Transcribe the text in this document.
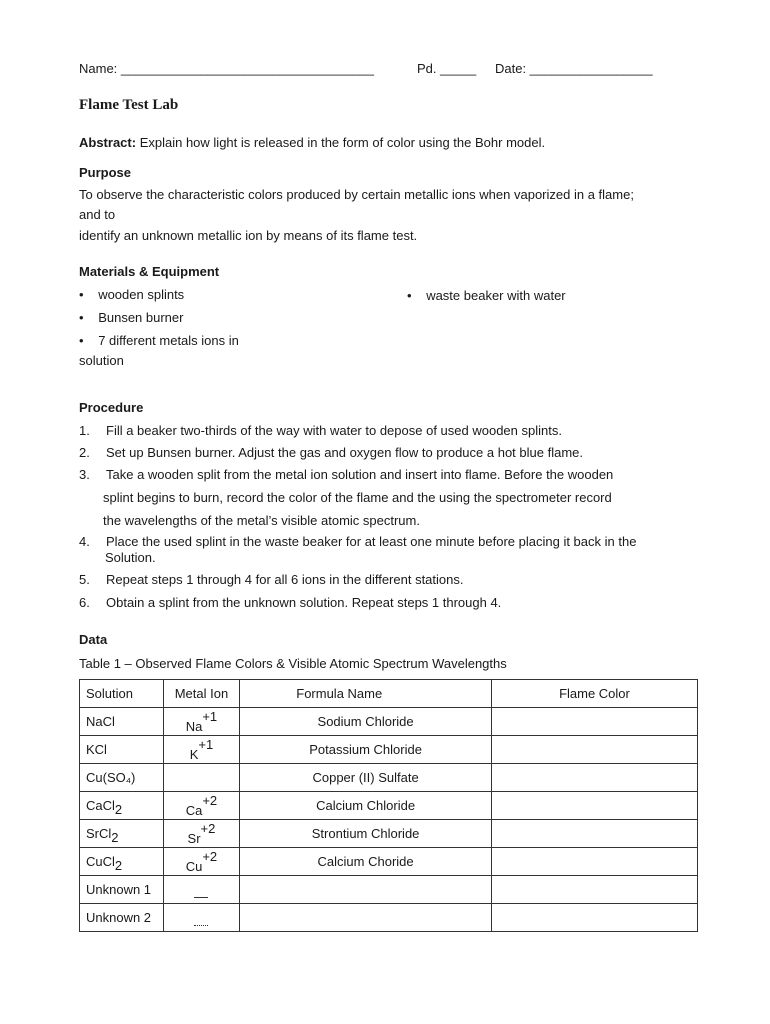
Name: ___________________________________	Pd. _____ Date: _________________
Flame Test Lab
Abstract: Explain how light is released in the form of color using the Bohr model.
Purpose
To observe the characteristic colors produced by certain metallic ions when vaporized in a flame;
and to
identify an unknown metallic ion by means of its flame test.
Materials & Equipment
• wooden splints
• Bunsen burner
• 7 different metals ions in
solution
• waste beaker with water
Procedure
1. Fill a beaker two-thirds of the way with water to depose of used wooden splints.
2. Set up Bunsen burner. Adjust the gas and oxygen flow to produce a hot blue flame.
3. Take a wooden split from the metal ion solution and insert into flame. Before the wooden
splint begins to burn, record the color of the flame and the using the spectrometer record
the wavelengths of the metal’s visible atomic spectrum.
4. Place the used splint in the waste beaker for at least one minute before placing it back in the
Solution.
5. Repeat steps 1 through 4 for all 6 ions in the different stations.
6. Obtain a splint from the unknown solution. Repeat steps 1 through 4.
Data
Table 1 – Observed Flame Colors & Visible Atomic Spectrum Wavelengths
Solution	Metal Ion	Formula Name	Flame Color
NaCl	$Na^{+1}$	Sodium Chloride	
KCl	$K^{+1}$	Potassium Chloride	
Cu(SO₄)		Copper (II) Sulfate	
CaCl2	$Ca^{+2}$	Calcium Chloride	
SrCl2	$Sr^{+2}$	Strontium Chloride	
CuCl2	$Cu^{+2}$	Calcium Choride	
Unknown 1			
Unknown 2			
